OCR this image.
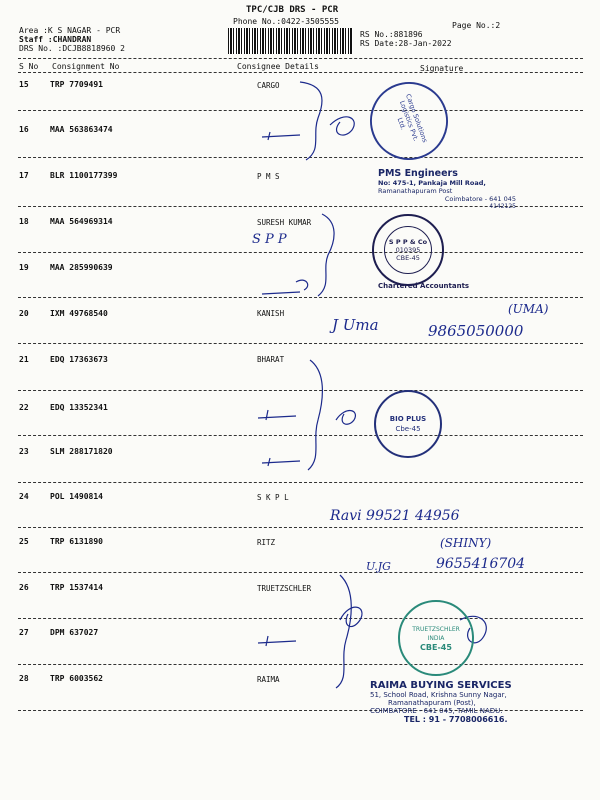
TPC/CJB DRS - PCR
Phone No.:0422-3505555
Area :K S NAGAR - PCR
Staff :CHANDRAN
DRS No. :DCJB8818960 2
RS No.:881896
RS Date:28-Jan-2022
Page No.:2
S No Consignment No	Consignee Details	Signature
15	TRP 7709491	CARGO
16	MAA 563863474
17	BLR 1100177399	P M S
18	MAA 564969314	SURESH KUMAR
19	MAA 285990639
20	IXM 49768540	KANISH
21	EDQ 17363673	BHARAT
22	EDQ 13352341
23	SLM 288171820
24	POL 1490814	S K P L
25	TRP 6131890	RITZ
26	TRP 1537414	TRUETZSCHLER
27	DPM 637027
28	TRP 6003562	RAIMA
Cargo Solutions Logistics Pvt. Ltd.
PMS Engineers
No: 475-1, Pankaja Mill Road,
Ramanathapuram Post
Coimbatore - 641 045
4142125
S P P & Co
010395
CBE-45
Chartered Accountants
BIO PLUS
Cbe-45
TRUETZSCHLER INDIA
CBE-45
RAIMA BUYING SERVICES
51, School Road, Krishna Sunny Nagar,
Ramanathapuram (Post),
COIMBATORE - 641 045, TAMIL NADU.
TEL : 91 - 7708006616.
S P P
(UMA)
J Uma	9865050000
Ravi 99521 44956
(SHINY)
U.JG	9655416704
